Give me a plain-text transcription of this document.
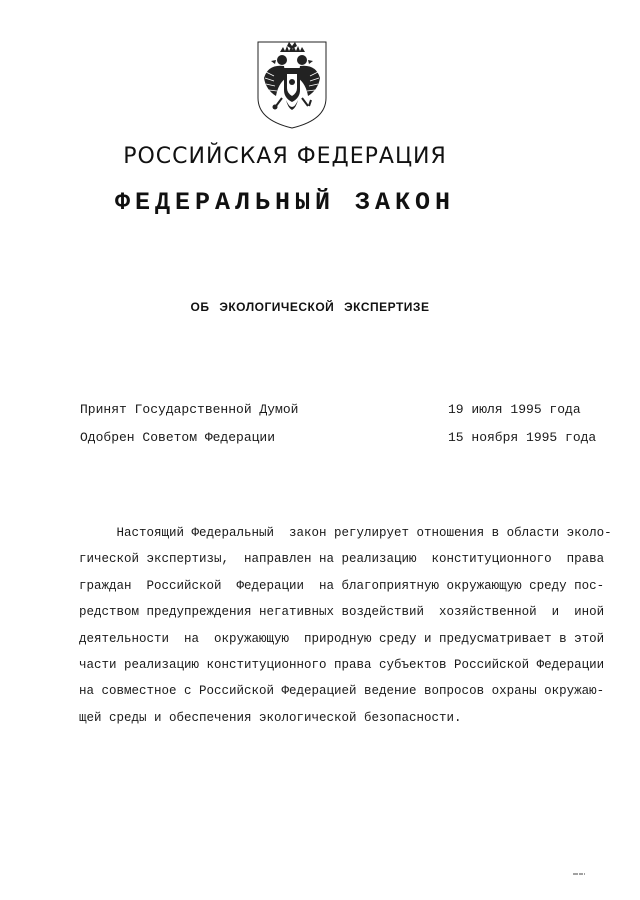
РОССИЙСКАЯ ФЕДЕРАЦИЯ
ФЕДЕРАЛЬНЫЙ ЗАКОН
ОБ ЭКОЛОГИЧЕСКОЙ ЭКСПЕРТИЗЕ
Принят Государственной Думой	19 июля 1995 года
Одобрен Советом Федерации	15 ноября 1995 года
Настоящий Федеральный  закон регулирует отношения в области эколо-
гической экспертизы,  направлен на реализацию  конституционного  права
граждан  Российской  Федерации  на благоприятную окружающую среду пос-
редством предупреждения негативных воздействий  хозяйственной  и  иной
деятельности  на  окружающую  природную среду и предусматривает в этой
части реализацию конституционного права субъектов Российской Федерации
на совместное с Российской Федерацией ведение вопросов охраны окружаю-
щей среды и обеспечения экологической безопасности.
